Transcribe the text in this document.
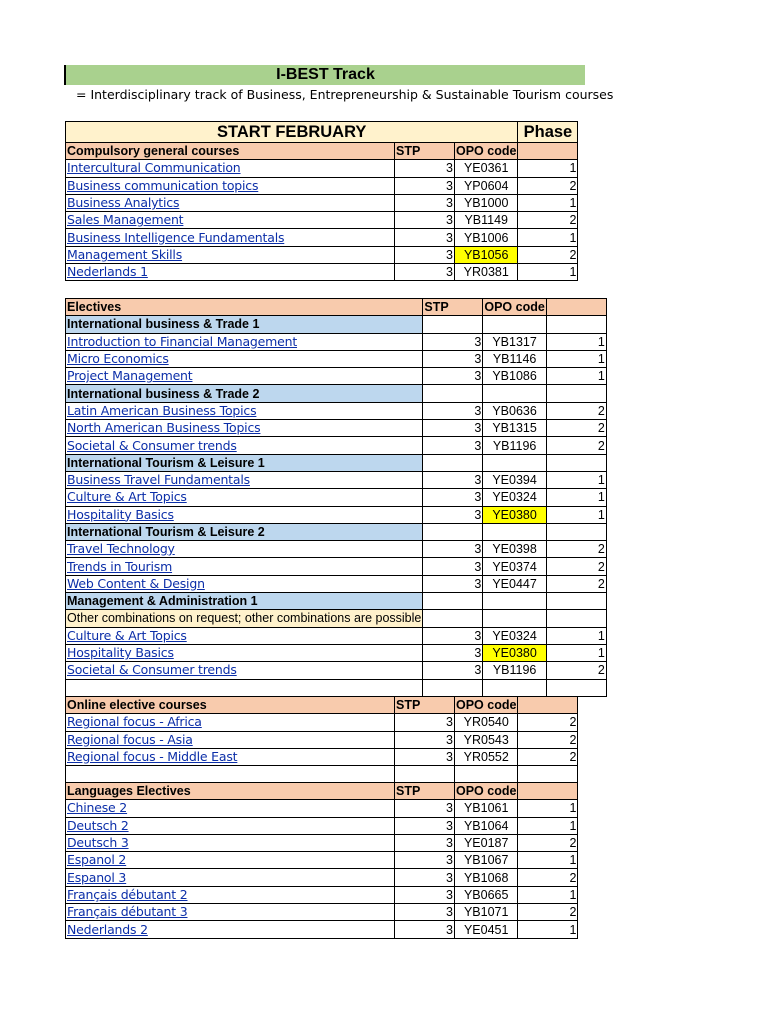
I-BEST Track
= Interdisciplinary track of Business, Entrepreneurship & Sustainable Tourism courses
START FEBRUARY			Phase
Compulsory general courses	STP	OPO code	
Intercultural Communication	3	YE0361	1
Business communication topics	3	YP0604	2
Business Analytics	3	YB1000	1
Sales Management	3	YB1149	2
Business Intelligence Fundamentals	3	YB1006	1
Management Skills	3	YB1056	2
Nederlands 1	3	YR0381	1
Electives	STP	OPO code	
International business & Trade 1			
Introduction to Financial Management	3	YB1317	1
Micro Economics	3	YB1146	1
Project Management	3	YB1086	1
International business & Trade 2			
Latin American Business Topics	3	YB0636	2
North American Business Topics	3	YB1315	2
Societal & Consumer trends	3	YB1196	2
International Tourism & Leisure 1			
Business Travel Fundamentals	3	YE0394	1
Culture & Art Topics	3	YE0324	1
Hospitality Basics	3	YE0380	1
International Tourism & Leisure 2			
Travel Technology	3	YE0398	2
Trends in Tourism	3	YE0374	2
Web Content & Design	3	YE0447	2
Management & Administration 1			
Other combinations on request; other combinations are possible			
Culture & Art Topics	3	YE0324	1
Hospitality Basics	3	YE0380	1
Societal & Consumer trends	3	YB1196	2

Online elective courses	STP	OPO code	
Regional focus - Africa	3	YR0540	2
Regional focus - Asia	3	YR0543	2
Regional focus - Middle East	3	YR0552	2

Languages Electives	STP	OPO code	
Chinese 2	3	YB1061	1
Deutsch 2	3	YB1064	1
Deutsch 3	3	YE0187	2
Espanol 2	3	YB1067	1
Espanol 3	3	YB1068	2
Français débutant 2	3	YB0665	1
Français débutant 3	3	YB1071	2
Nederlands 2	3	YE0451	1
